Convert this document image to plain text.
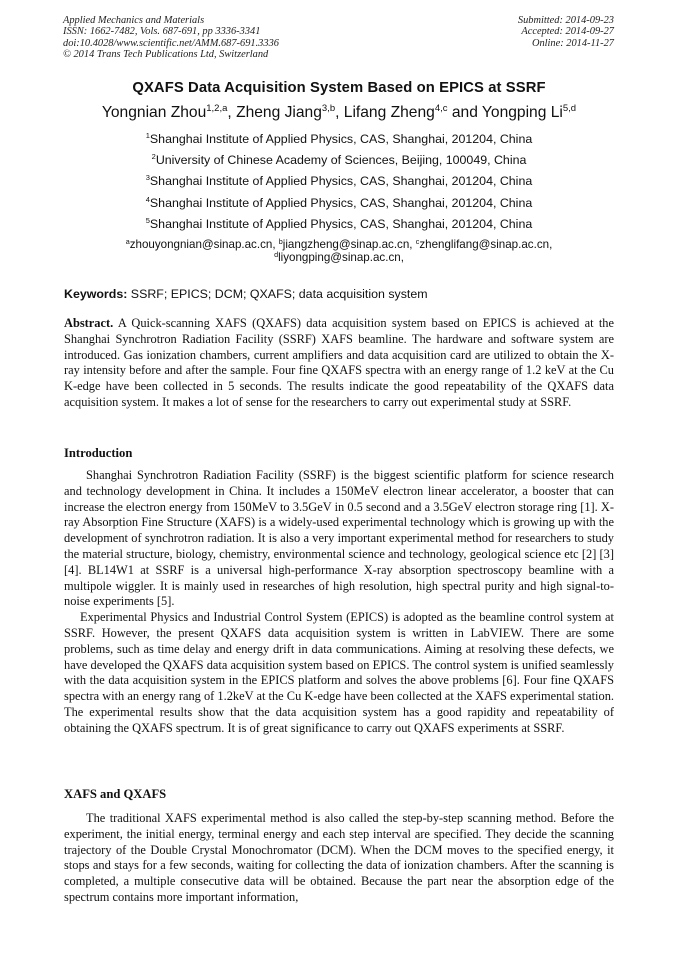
Applied Mechanics and Materials
ISSN: 1662-7482, Vols. 687-691, pp 3336-3341
doi:10.4028/www.scientific.net/AMM.687-691.3336
© 2014 Trans Tech Publications Ltd, Switzerland
Submitted: 2014-09-23
Accepted: 2014-09-27
Online: 2014-11-27
QXAFS Data Acquisition System Based on EPICS at SSRF
Yongnian Zhou$^{1,2,a}$, Zheng Jiang$^{3,b}$, Lifang Zheng$^{4,c}$ and Yongping Li$^{5,d}$
$^1$Shanghai Institute of Applied Physics, CAS, Shanghai, 201204, China
$^2$University of Chinese Academy of Sciences, Beijing, 100049, China
$^3$Shanghai Institute of Applied Physics, CAS, Shanghai, 201204, China
$^4$Shanghai Institute of Applied Physics, CAS, Shanghai, 201204, China
$^5$Shanghai Institute of Applied Physics, CAS, Shanghai, 201204, China
$^a$zhouyongnian@sinap.ac.cn, $^b$jiangzheng@sinap.ac.cn, $^c$zhenglifang@sinap.ac.cn,
$^d$liyongping@sinap.ac.cn,
Keywords: SSRF; EPICS; DCM; QXAFS; data acquisition system

Abstract. A Quick-scanning XAFS (QXAFS) data acquisition system based on EPICS is achieved at the Shanghai Synchrotron Radiation Facility (SSRF) XAFS beamline. The hardware and software system are introduced. Gas ionization chambers, current amplifiers and data acquisition card are utilized to obtain the X-ray intensity before and after the sample. Four fine QXAFS spectra with an energy range of 1.2 keV at the Cu K-edge have been collected in 5 seconds. The results indicate the good repeatability of the QXAFS data acquisition system. It makes a lot of sense for the researchers to carry out experimental study at SSRF.

Introduction

Shanghai Synchrotron Radiation Facility (SSRF) is the biggest scientific platform for science research and technology development in China. It includes a 150MeV electron linear accelerator, a booster that can increase the electron energy from 150MeV to 3.5GeV in 0.5 second and a 3.5GeV electron storage ring [1]. X-ray Absorption Fine Structure (XAFS) is a widely-used experimental technology which is growing up with the development of synchrotron radiation. It is also a very important experimental method for researchers to study the material structure, biology, chemistry, environmental science and technology, geological science etc [2] [3] [4]. BL14W1 at SSRF is a universal high-performance X-ray absorption spectroscopy beamline with a multipole wiggler. It is mainly used in researches of high resolution, high spectral purity and high signal-to-noise experiments [5].

Experimental Physics and Industrial Control System (EPICS) is adopted as the beamline control system at SSRF. However, the present QXAFS data acquisition system is written in LabVIEW. There are some problems, such as time delay and energy drift in data communications. Aiming at resolving these defects, we have developed the QXAFS data acquisition system based on EPICS. The control system is unified seamlessly with the data acquisition system in the EPICS platform and solves the above problems [6]. Four fine QXAFS spectra with an energy rang of 1.2keV at the Cu K-edge have been collected at the XAFS experimental station. The experimental results show that the data acquisition system has a good rapidity and repeatability of obtaining the QXAFS spectrum. It is of great significance to carry out QXAFS experiments at SSRF.

XAFS and QXAFS

The traditional XAFS experimental method is also called the step-by-step scanning method. Before the experiment, the initial energy, terminal energy and each step interval are specified. They decide the scanning trajectory of the Double Crystal Monochromator (DCM). When the DCM moves to the specified energy, it stops and stays for a few seconds, waiting for collecting the data of ionization chambers. After the scanning is completed, a multiple consecutive data will be obtained. Because the part near the absorption edge of the spectrum contains more important information,
